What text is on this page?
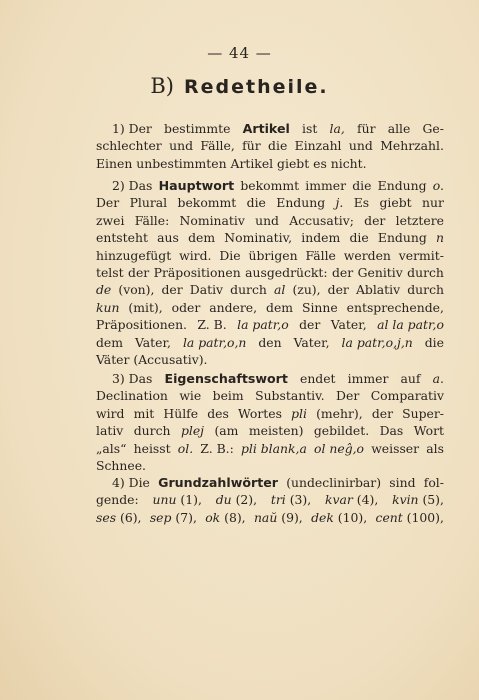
— 44 —
B) Redetheile.
1) Der bestimmte Artikel ist la, für alle Ge-
schlechter und Fälle, für die Einzahl und Mehrzahl.
Einen unbestimmten Artikel giebt es nicht.
2) Das Hauptwort bekommt immer die Endung o.
Der Plural bekommt die Endung j. Es giebt nur
zwei Fälle: Nominativ und Accusativ; der letztere
entsteht aus dem Nominativ, indem die Endung n
hinzugefügt wird. Die übrigen Fälle werden vermit-
telst der Präpositionen ausgedrückt: der Genitiv durch
de (von), der Dativ durch al (zu), der Ablativ durch
kun (mit), oder andere, dem Sinne entsprechende,
Präpositionen. Z. B. la patr,o der Vater, al la patr,o
dem Vater, la patr,o,n den Vater, la patr,o,j,n die
Väter (Accusativ).
3) Das Eigenschaftswort endet immer auf a.
Declination wie beim Substantiv. Der Comparativ
wird mit Hülfe des Wortes pli (mehr), der Super-
lativ durch plej (am meisten) gebildet. Das Wort
„als“ heisst ol. Z. B.: pli blank,a ol neĝ,o weisser als
Schnee.
4) Die Grundzahlwörter (undeclinirbar) sind fol-
gende: unu (1), du (2), tri (3), kvar (4), kvin (5),
ses (6), sep (7), ok (8), naŭ (9), dek (10), cent (100),
